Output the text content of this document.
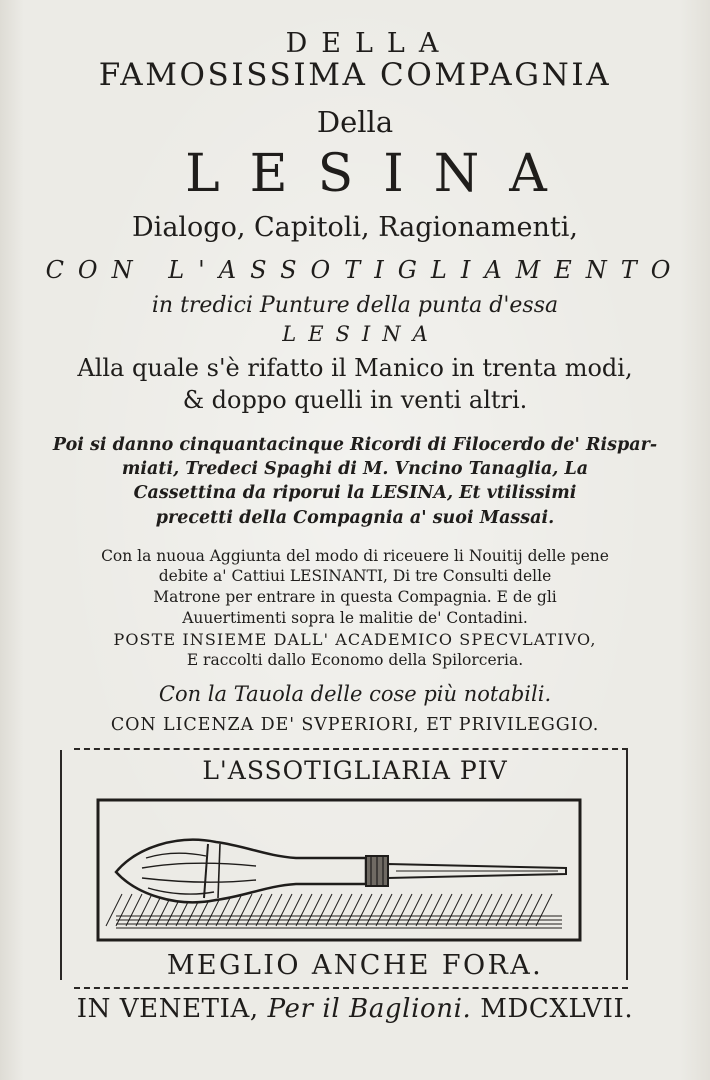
DELLA
FAMOSISSIMA COMPAGNIA
Della
LESINA
Dialogo, Capitoli, Ragionamenti,
CON L'ASSOTIGLIAMENTO
in tredici Punture della punta d'essa
LESINA
Alla quale s'è rifatto il Manico in trenta modi,
& doppo quelli in venti altri.
Poi si danno cinquantacinque Ricordi di Filocerdo de' Rispar-
miati, Tredeci Spaghi di M. Vncino Tanaglia, La
Cassettina da riporui la LESINA, Et vtilissimi
precetti della Compagnia a' suoi Massai.
Con la nuoua Aggiunta del modo di riceuere li Nouitij delle pene
debite a' Cattiui LESINANTI, Di tre Consulti delle
Matrone per entrare in questa Compagnia. E de gli
Auuertimenti sopra le malitie de' Contadini.
POSTE INSIEME DALL' ACADEMICO SPECVLATIVO,
E raccolti dallo Economo della Spilorceria.
Con la Tauola delle cose più notabili.
CON LICENZA DE' SVPERIORI, ET PRIVILEGGIO.
L'ASSOTIGLIARIA PIV
MEGLIO ANCHE FORA.
IN VENETIA, Per il Baglioni. MDCXLVII.
